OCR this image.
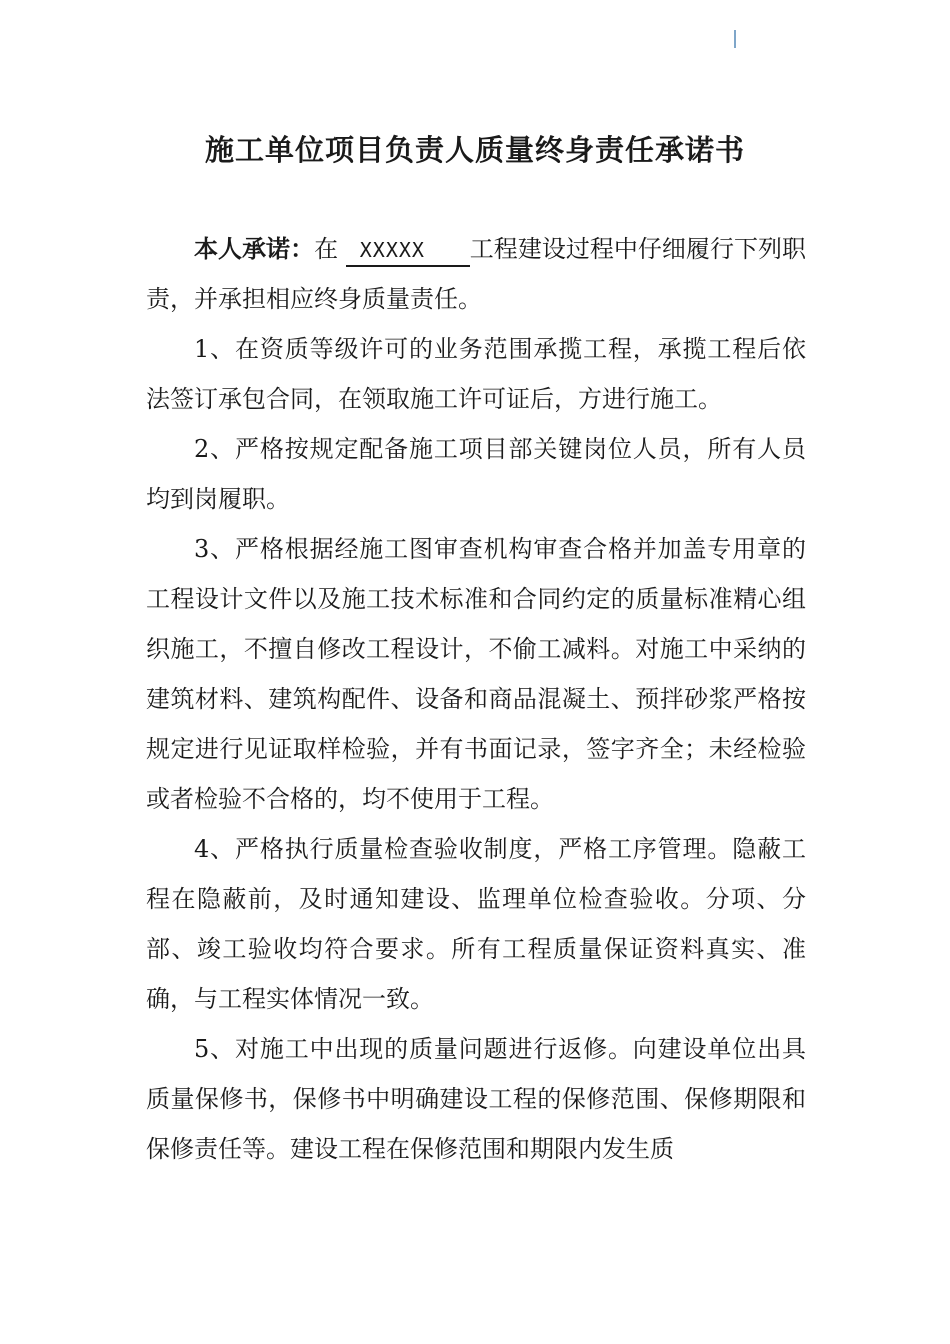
施工单位项目负责人质量终身责任承诺书

本人承诺：在 XXXXX 工程建设过程中仔细履行下列职责，并承担相应终身质量责任。

1、在资质等级许可的业务范围承揽工程，承揽工程后依法签订承包合同，在领取施工许可证后，方进行施工。

2、严格按规定配备施工项目部关键岗位人员，所有人员均到岗履职。

3、严格根据经施工图审查机构审查合格并加盖专用章的工程设计文件以及施工技术标准和合同约定的质量标准精心组织施工，不擅自修改工程设计，不偷工减料。对施工中采纳的建筑材料、建筑构配件、设备和商品混凝土、预拌砂浆严格按规定进行见证取样检验，并有书面记录，签字齐全；未经检验或者检验不合格的，均不使用于工程。

4、严格执行质量检查验收制度，严格工序管理。隐蔽工程在隐蔽前，及时通知建设、监理单位检查验收。分项、分部、竣工验收均符合要求。所有工程质量保证资料真实、准确，与工程实体情况一致。

5、对施工中出现的质量问题进行返修。向建设单位出具质量保修书，保修书中明确建设工程的保修范围、保修期限和保修责任等。建设工程在保修范围和期限内发生质
